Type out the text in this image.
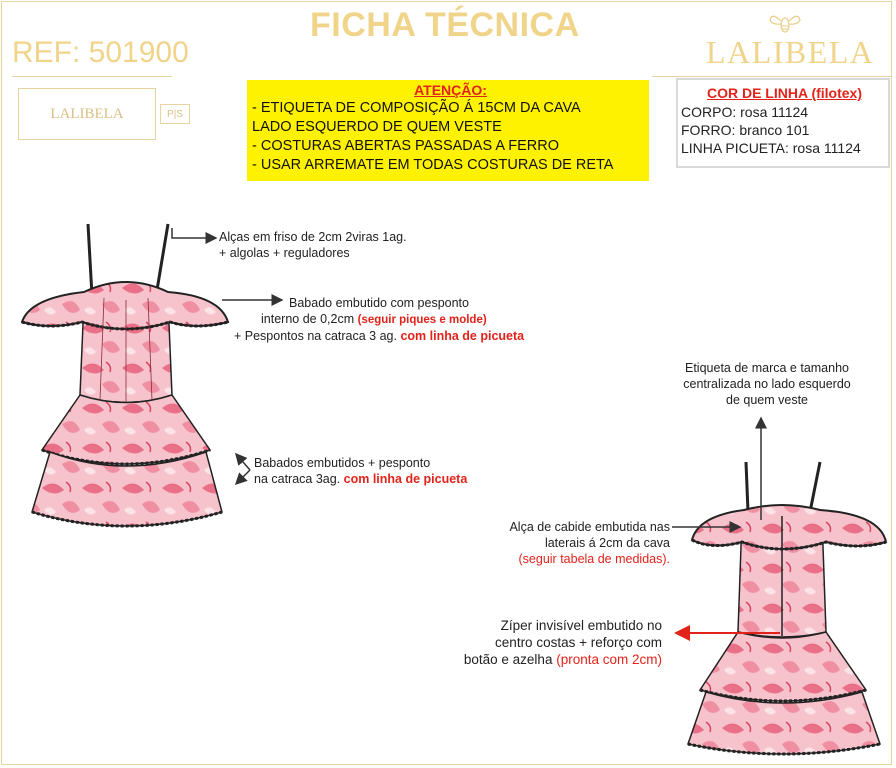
FICHA TÉCNICA
REF: 501900	LALIBELA
LALIBELA	P|S
ATENÇÃO:
- ETIQUETA DE COMPOSIÇÃO Á 15CM DA CAVA
LADO ESQUERDO DE QUEM VESTE
- COSTURAS ABERTAS PASSADAS A FERRO
- USAR ARREMATE EM TODAS COSTURAS DE RETA
COR DE LINHA (filotex)
CORPO: rosa 11124
FORRO: branco 101
LINHA PICUETA: rosa 11124
Alças em friso de 2cm 2viras 1ag.
+ algolas + reguladores
Babado embutido com pesponto
interno de 0,2cm (seguir piques e molde)
+ Pespontos na catraca 3 ag. com linha de picueta
Babados embutidos + pesponto
na catraca 3ag. com linha de picueta
Etiqueta de marca e tamanho
centralizada no lado esquerdo
de quem veste
Alça de cabide embutida nas
laterais á 2cm da cava
(seguir tabela de medidas).
Zíper invisível embutido no
centro costas + reforço com
botão e azelha (pronta com 2cm)
